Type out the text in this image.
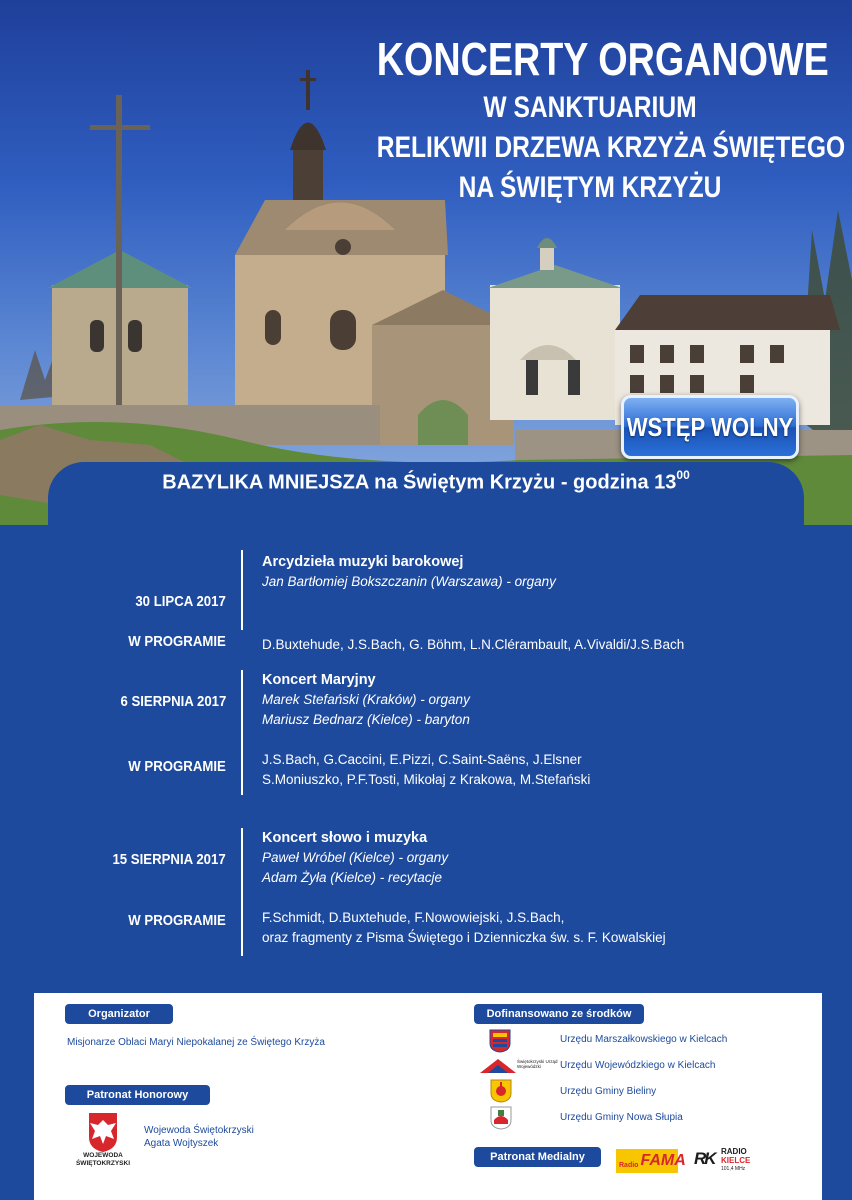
KONCERTY ORGANOWE
W SANKTUARIUM
RELIKWII DRZEWA KRZYŻA ŚWIĘTEGO
NA ŚWIĘTYM KRZYŻU
WSTĘP WOLNY
BAZYLIKA MNIEJSZA na Świętym Krzyżu - godzina $13^{00}$
30 LIPCA 2017
Arcydzieła muzyki barokowej
Jan Bartłomiej Bokszczanin (Warszawa) - organy
W PROGRAMIE	D.Buxtehude, J.S.Bach, G. Böhm, L.N.Clérambault, A.Vivaldi/J.S.Bach
6 SIERPNIA 2017
Koncert Maryjny
Marek Stefański (Kraków) - organy
Mariusz Bednarz (Kielce) - baryton
W PROGRAMIE	J.S.Bach, G.Caccini, E.Pizzi, C.Saint-Saëns, J.Elsner
S.Moniuszko, P.F.Tosti, Mikołaj z Krakowa, M.Stefański
15 SIERPNIA 2017
Koncert słowo i muzyka
Paweł Wróbel (Kielce) - organy
Adam Żyła (Kielce) - recytacje
W PROGRAMIE	F.Schmidt, D.Buxtehude, F.Nowowiejski, J.S.Bach,
oraz fragmenty z Pisma Świętego i Dzienniczka św. s. F. Kowalskiej
Organizator
Misjonarze Oblaci Maryi Niepokalanej ze Świętego Krzyża
Patronat Honorowy
WOJEWODA ŚWIĘTOKRZYSKI
Wojewoda Świętokrzyski
Agata Wojtyszek
Dofinansowano ze środków
Urzędu Marszałkowskiego w Kielcach
Świętokrzyski Urząd Wojewódzki	Urzędu Wojewódzkiego w Kielcach
Urzędu Gminy Bieliny
Urzędu Gminy Nowa Słupia
Patronat Medialny
Radio FAMA RK RADIO
KIELCE
101,4 MHz
